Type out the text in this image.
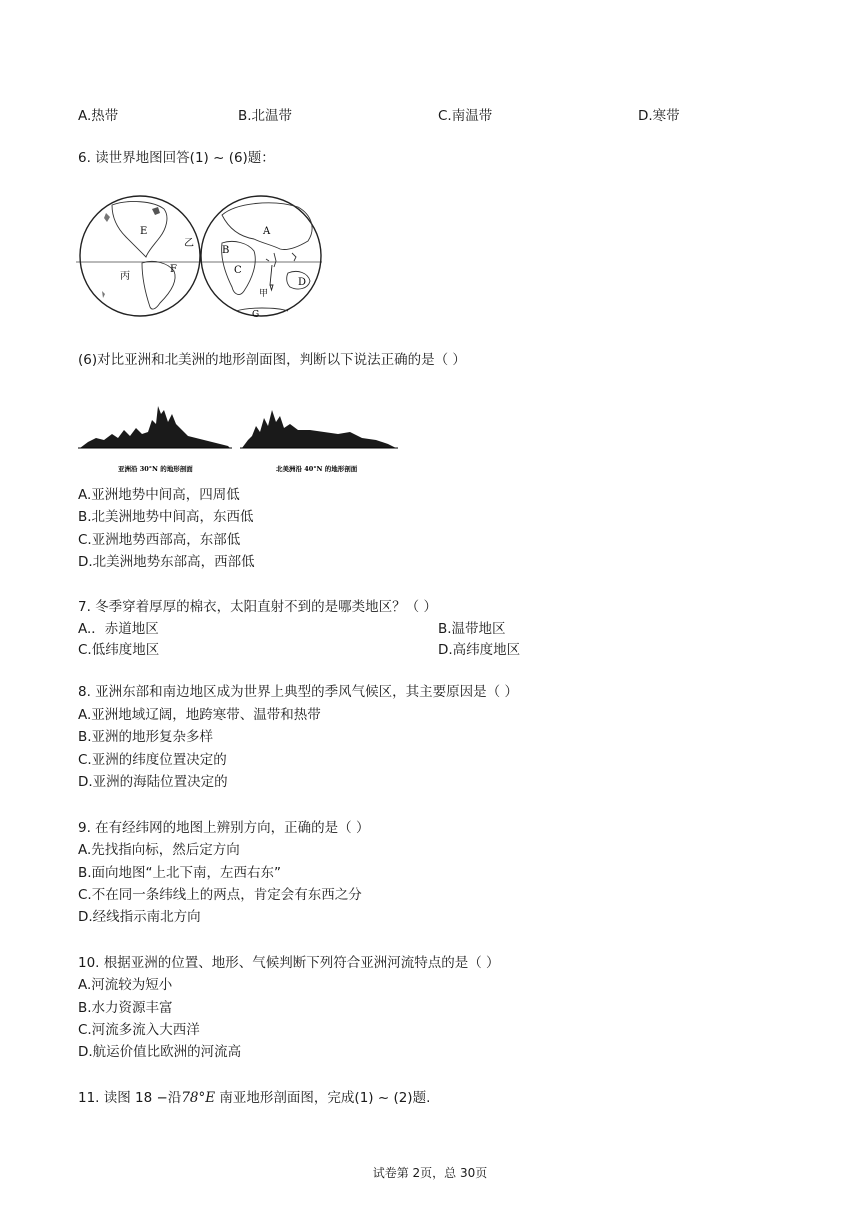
A.热带	B.北温带	C.南温带	D.寒带
6. 读世界地图回答(1) ~ (6)题：
E
乙
丙
F
B
A
C
D
甲
G
(6)对比亚洲和北美洲的地形剖面图，判断以下说法正确的是（ ）
亚洲沿 30°N 的地形剖面	北美洲沿 40°N 的地形剖面
A.亚洲地势中间高，四周低
B.北美洲地势中间高，东西低
C.亚洲地势西部高，东部低
D.北美洲地势东部高，西部低
7. 冬季穿着厚厚的棉衣，太阳直射不到的是哪类地区？（ ）
A.．赤道地区	B.温带地区
C.低纬度地区	D.高纬度地区
8. 亚洲东部和南边地区成为世界上典型的季风气候区，其主要原因是（ ）
A.亚洲地域辽阔，地跨寒带、温带和热带
B.亚洲的地形复杂多样
C.亚洲的纬度位置决定的
D.亚洲的海陆位置决定的
9. 在有经纬网的地图上辨别方向，正确的是（ ）
A.先找指向标，然后定方向
B.面向地图“上北下南，左西右东”
C.不在同一条纬线上的两点，肯定会有东西之分
D.经线指示南北方向
10. 根据亚洲的位置、地形、气候判断下列符合亚洲河流特点的是（ ）
A.河流较为短小
B.水力资源丰富
C.河流多流入大西洋
D.航运价值比欧洲的河流高
11. 读图 18 −沿78°E 南亚地形剖面图，完成(1) ~ (2)题.
试卷第 2页，总 30页
